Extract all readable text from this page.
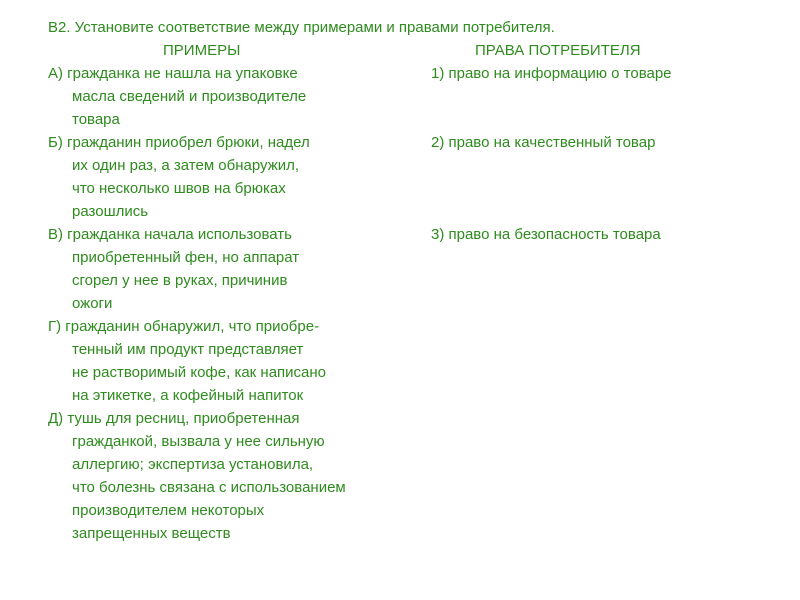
В2. Установите соответствие между примерами и правами потребителя.
ПРИМЕРЫ	ПРАВА ПОТРЕБИТЕЛЯ
А) гражданка не нашла на упаковке
масла сведений и производителе
товара
Б) гражданин приобрел брюки, надел
их один раз, а затем обнаружил,
что несколько швов на брюках
разошлись
В) гражданка начала использовать
приобретенный фен, но аппарат
сгорел у нее в руках, причинив
ожоги
Г) гражданин обнаружил, что приобре-
тенный им продукт представляет
не растворимый кофе, как написано
на этикетке, а кофейный напиток
Д) тушь для ресниц, приобретенная
гражданкой, вызвала у нее сильную
аллергию; экспертиза установила,
что болезнь связана с использованием
производителем некоторых
запрещенных веществ
1) право на информацию о товаре
2) право на качественный товар
3) право на безопасность товара
